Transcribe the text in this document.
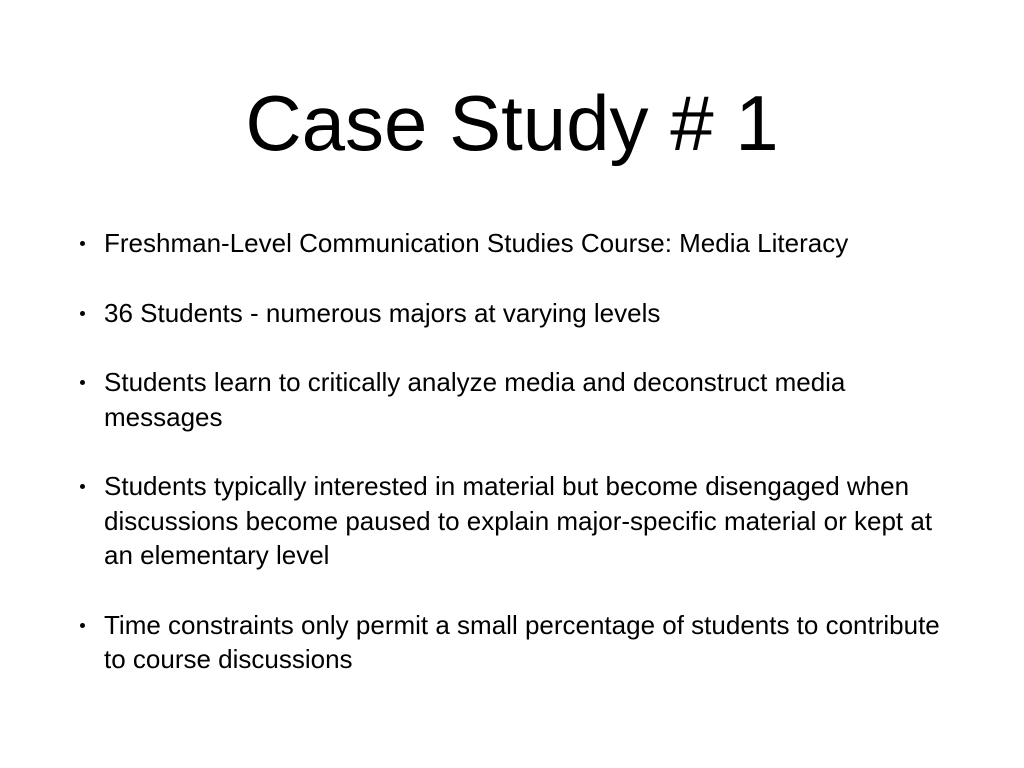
Case Study # 1
Freshman-Level Communication Studies Course: Media Literacy
36 Students - numerous majors at varying levels
Students learn to critically analyze media and deconstruct media messages
Students typically interested in material but become disengaged when discussions become paused to explain major-specific material or kept at an elementary level
Time constraints only permit a small percentage of students to contribute to course discussions
